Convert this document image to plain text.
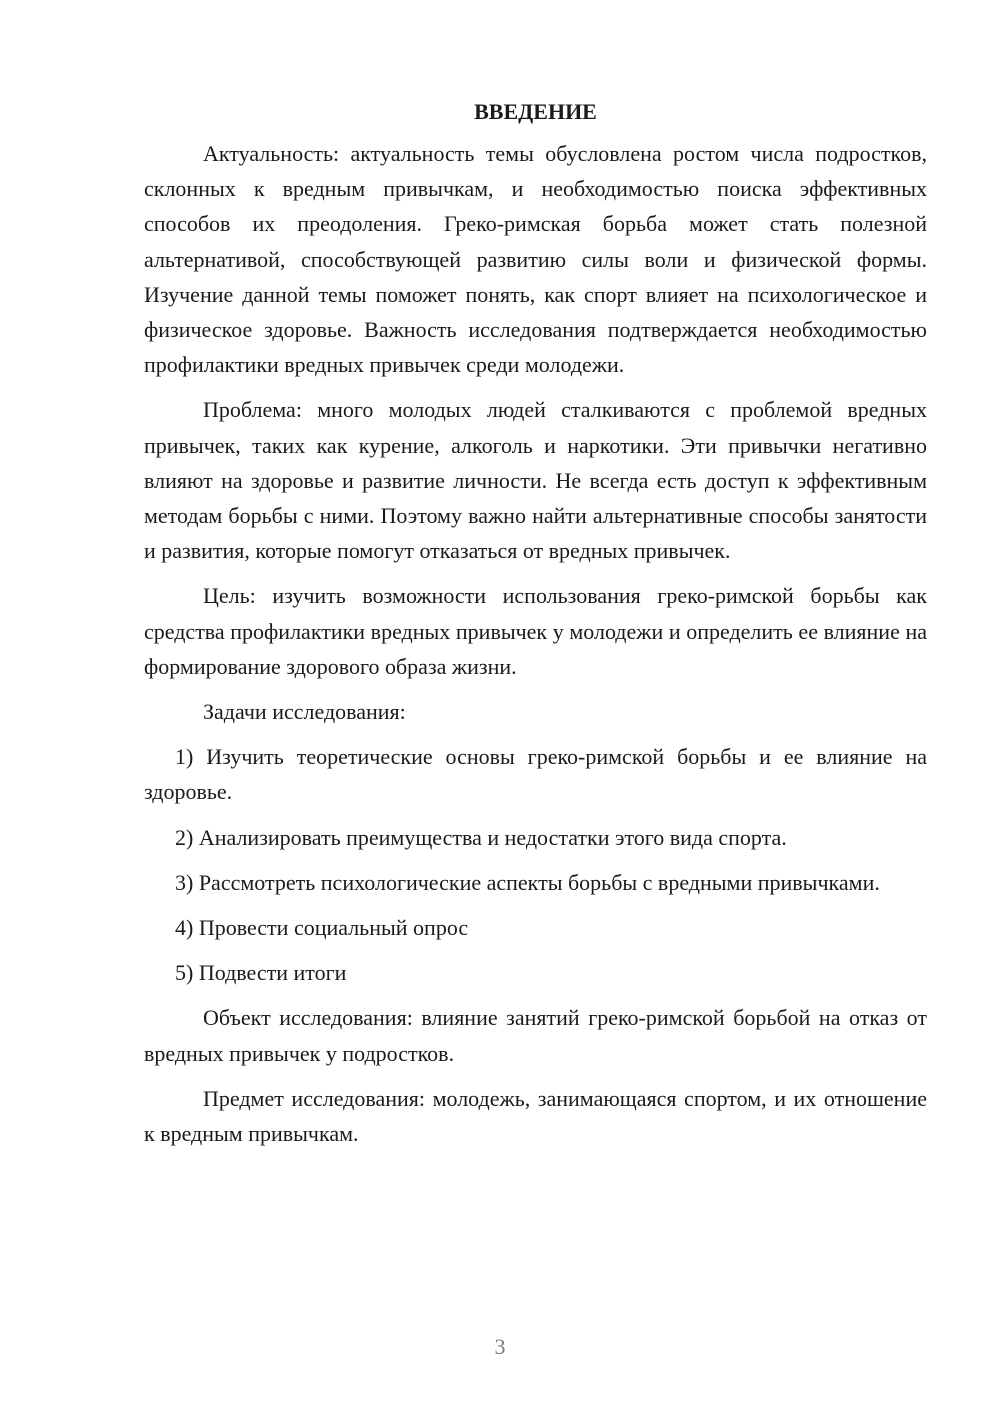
ВВЕДЕНИЕ

Актуальность: актуальность темы обусловлена ростом числа подростков, склонных к вредным привычкам, и необходимостью поиска эффективных способов их преодоления. Греко-римская борьба может стать полезной альтернативой, способствующей развитию силы воли и физической формы. Изучение данной темы поможет понять, как спорт влияет на психологическое и физическое здоровье. Важность исследования подтверждается необходимостью профилактики вредных привычек среди молодежи.

Проблема: много молодых людей сталкиваются с проблемой вредных привычек, таких как курение, алкоголь и наркотики. Эти привычки негативно влияют на здоровье и развитие личности. Не всегда есть доступ к эффективным методам борьбы с ними. Поэтому важно найти альтернативные способы занятости и развития, которые помогут отказаться от вредных привычек.

Цель: изучить возможности использования греко-римской борьбы как средства профилактики вредных привычек у молодежи и определить ее влияние на формирование здорового образа жизни.

Задачи исследования:

1) Изучить теоретические основы греко-римской борьбы и ее влияние на здоровье.

2) Анализировать преимущества и недостатки этого вида спорта.

3) Рассмотреть психологические аспекты борьбы с вредными привычками.

4) Провести социальный опрос

5) Подвести итоги

Объект исследования: влияние занятий греко-римской борьбой на отказ от вредных привычек у подростков.

Предмет исследования: молодежь, занимающаяся спортом, и их отношение к вредным привычкам.

3
